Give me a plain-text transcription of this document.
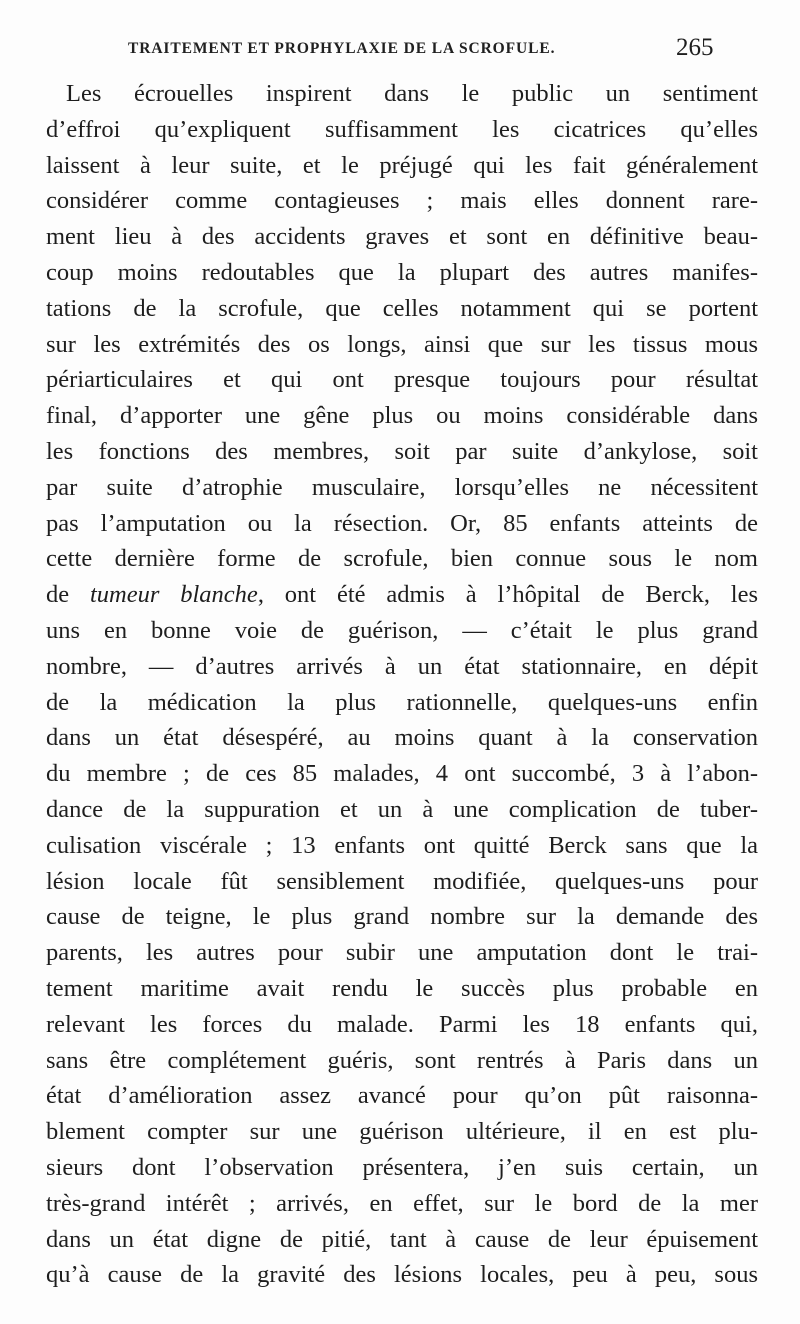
TRAITEMENT ET PROPHYLAXIE DE LA SCROFULE.	265
Les écrouelles inspirent dans le public un sentiment
d’effroi qu’expliquent suffisamment les cicatrices qu’elles
laissent à leur suite, et le préjugé qui les fait généralement
considérer comme contagieuses ; mais elles donnent rare-
ment lieu à des accidents graves et sont en définitive beau-
coup moins redoutables que la plupart des autres manifes-
tations de la scrofule, que celles notamment qui se portent
sur les extrémités des os longs, ainsi que sur les tissus mous
périarticulaires et qui ont presque toujours pour résultat
final, d’apporter une gêne plus ou moins considérable dans
les fonctions des membres, soit par suite d’ankylose, soit
par suite d’atrophie musculaire, lorsqu’elles ne nécessitent
pas l’amputation ou la résection. Or, 85 enfants atteints de
cette dernière forme de scrofule, bien connue sous le nom
de tumeur blanche, ont été admis à l’hôpital de Berck, les
uns en bonne voie de guérison, — c’était le plus grand
nombre, — d’autres arrivés à un état stationnaire, en dépit
de la médication la plus rationnelle, quelques-uns enfin
dans un état désespéré, au moins quant à la conservation
du membre ; de ces 85 malades, 4 ont succombé, 3 à l’abon-
dance de la suppuration et un à une complication de tuber-
culisation viscérale ; 13 enfants ont quitté Berck sans que la
lésion locale fût sensiblement modifiée, quelques-uns pour
cause de teigne, le plus grand nombre sur la demande des
parents, les autres pour subir une amputation dont le trai-
tement maritime avait rendu le succès plus probable en
relevant les forces du malade. Parmi les 18 enfants qui,
sans être complétement guéris, sont rentrés à Paris dans un
état d’amélioration assez avancé pour qu’on pût raisonna-
blement compter sur une guérison ultérieure, il en est plu-
sieurs dont l’observation présentera, j’en suis certain, un
très-grand intérêt ; arrivés, en effet, sur le bord de la mer
dans un état digne de pitié, tant à cause de leur épuisement
qu’à cause de la gravité des lésions locales, peu à peu, sous
